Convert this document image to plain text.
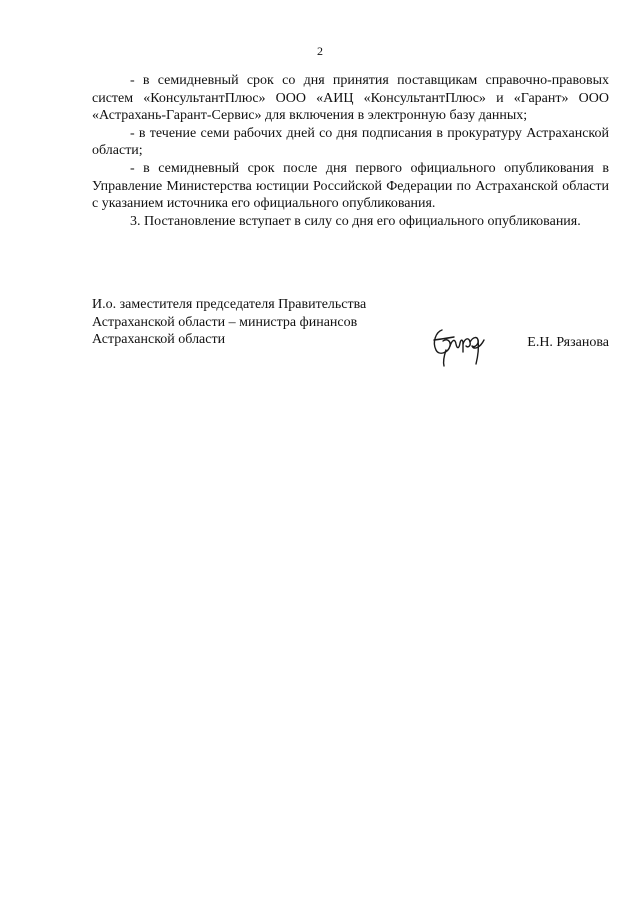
2

- в семидневный срок со дня принятия поставщикам справочно-правовых систем «КонсультантПлюс» ООО «АИЦ «КонсультантПлюс» и «Гарант» ООО «Астрахань-Гарант-Сервис» для включения в электронную базу данных;

- в течение семи рабочих дней со дня подписания в прокуратуру Астраханской области;

- в семидневный срок после дня первого официального опубликования в Управление Министерства юстиции Российской Федерации по Астраханской области с указанием источника его официального опубликования.

3. Постановление вступает в силу со дня его официального опубликования.

И.о. заместителя председателя Правительства
Астраханской области – министра финансов
Астраханской области	Е.Н. Рязанова
